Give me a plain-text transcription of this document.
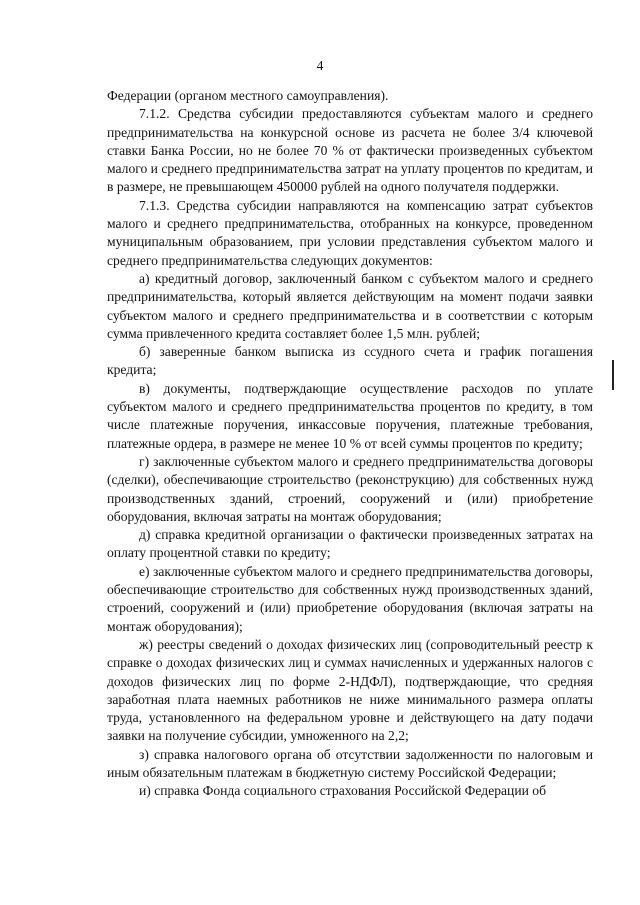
4

Федерации (органом местного самоуправления).

7.1.2. Средства субсидии предоставляются субъектам малого и среднего предпринимательства на конкурсной основе из расчета не более 3/4 ключевой ставки Банка России, но не более 70 % от фактически произведенных субъектом малого и среднего предпринимательства затрат на уплату процентов по кредитам, и в размере, не превышающем 450000 рублей на одного получателя поддержки.

7.1.3. Средства субсидии направляются на компенсацию затрат субъектов малого и среднего предпринимательства, отобранных на конкурсе, проведенном муниципальным образованием, при условии представления субъектом малого и среднего предпринимательства следующих документов:

а) кредитный договор, заключенный банком с субъектом малого и среднего предпринимательства, который является действующим на момент подачи заявки субъектом малого и среднего предпринимательства и в соответствии с которым сумма привлеченного кредита составляет более 1,5 млн. рублей;

б) заверенные банком выписка из ссудного счета и график погашения кредита;

в) документы, подтверждающие осуществление расходов по уплате субъектом малого и среднего предпринимательства процентов по кредиту, в том числе платежные поручения, инкассовые поручения, платежные требования, платежные ордера, в размере не менее 10 % от всей суммы процентов по кредиту;

г) заключенные субъектом малого и среднего предпринимательства договоры (сделки), обеспечивающие строительство (реконструкцию) для собственных нужд производственных зданий, строений, сооружений и (или) приобретение оборудования, включая затраты на монтаж оборудования;

д) справка кредитной организации о фактически произведенных затратах на оплату процентной ставки по кредиту;

е) заключенные субъектом малого и среднего предпринимательства договоры, обеспечивающие строительство для собственных нужд производственных зданий, строений, сооружений и (или) приобретение оборудования (включая затраты на монтаж оборудования);

ж) реестры сведений о доходах физических лиц (сопроводительный реестр к справке о доходах физических лиц и суммах начисленных и удержанных налогов с доходов физических лиц по форме 2-НДФЛ), подтверждающие, что средняя заработная плата наемных работников не ниже минимального размера оплаты труда, установленного на федеральном уровне и действующего на дату подачи заявки на получение субсидии, умноженного на 2,2;

з) справка налогового органа об отсутствии задолженности по налоговым и иным обязательным платежам в бюджетную систему Российской Федерации;

и) справка Фонда социального страхования Российской Федерации об
